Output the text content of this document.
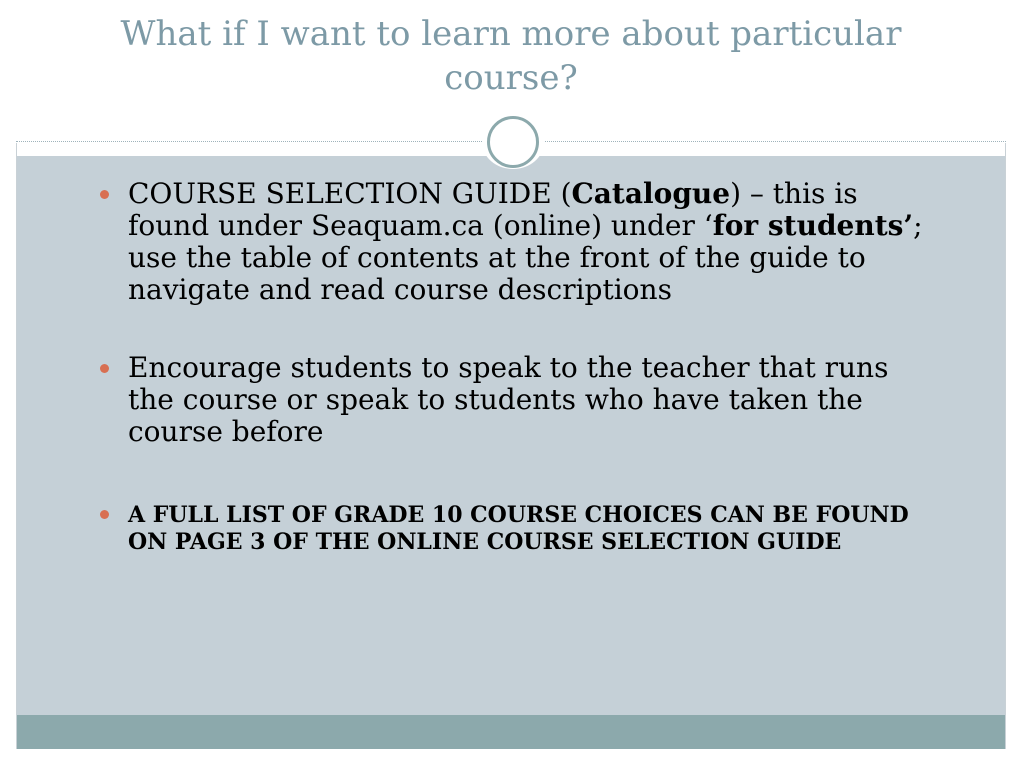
What if I want to learn more about particular course?
COURSE SELECTION GUIDE (Catalogue) – this is found under Seaquam.ca (online) under ‘for students’; use the table of contents at the front of the guide to navigate and read course descriptions
Encourage students to speak to the teacher that runs the course or speak to students who have taken the course before
A FULL LIST OF GRADE 10 COURSE CHOICES CAN BE FOUND ON PAGE 3 OF THE ONLINE COURSE SELECTION GUIDE
